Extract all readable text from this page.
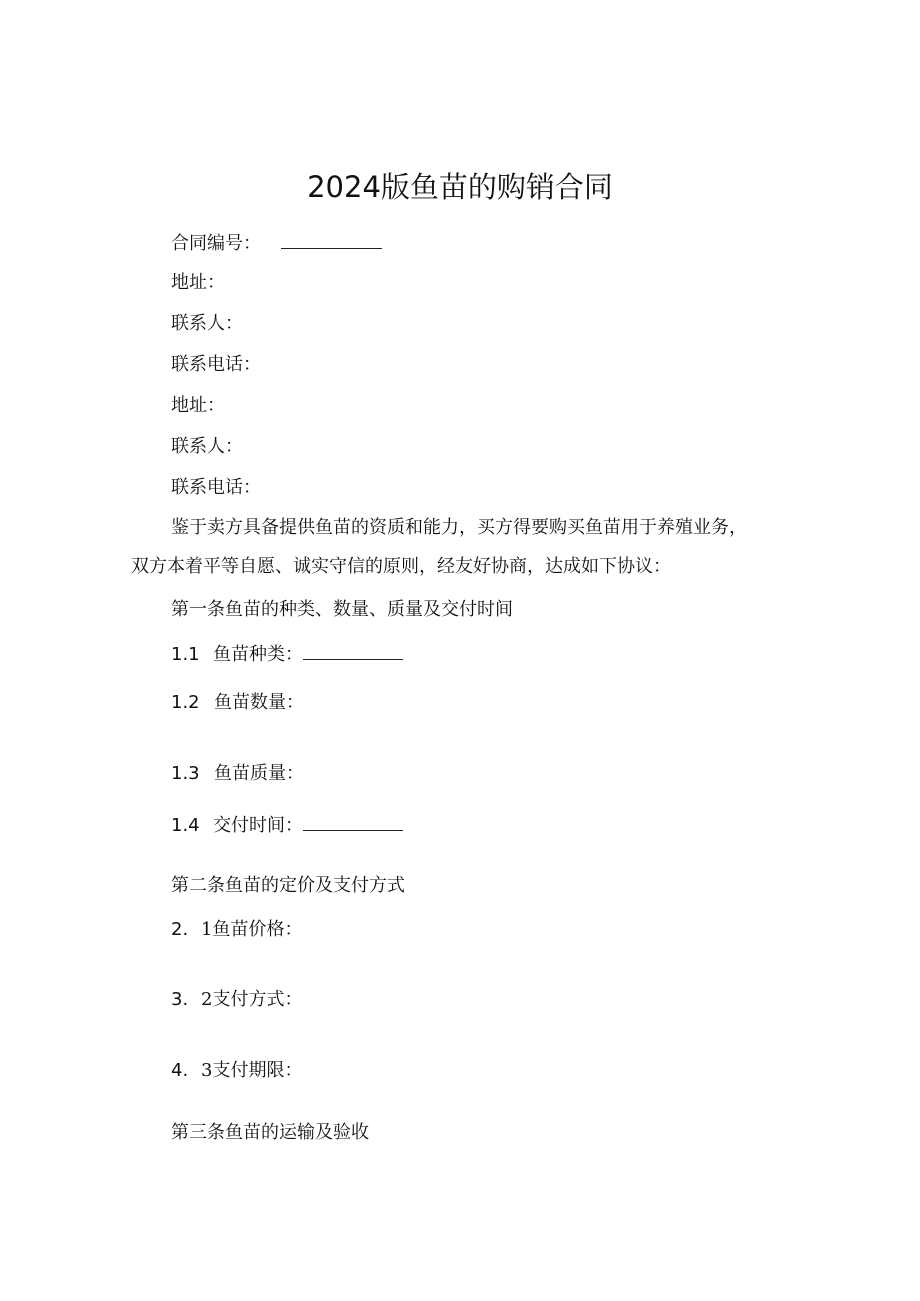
2024版鱼苗的购销合同
合同编号：
地址：
联系人：
联系电话：
地址：
联系人：
联系电话：
鉴于卖方具备提供鱼苗的资质和能力，买方得要购买鱼苗用于养殖业务，
双方本着平等自愿、诚实守信的原则，经友好协商，达成如下协议：
第一条鱼苗的种类、数量、质量及交付时间
1.1 鱼苗种类：
1.2 鱼苗数量：
1.3 鱼苗质量：
1.4 交付时间：
第二条鱼苗的定价及支付方式
2. 1鱼苗价格：
3. 2支付方式：
4. 3支付期限：
第三条鱼苗的运输及验收
